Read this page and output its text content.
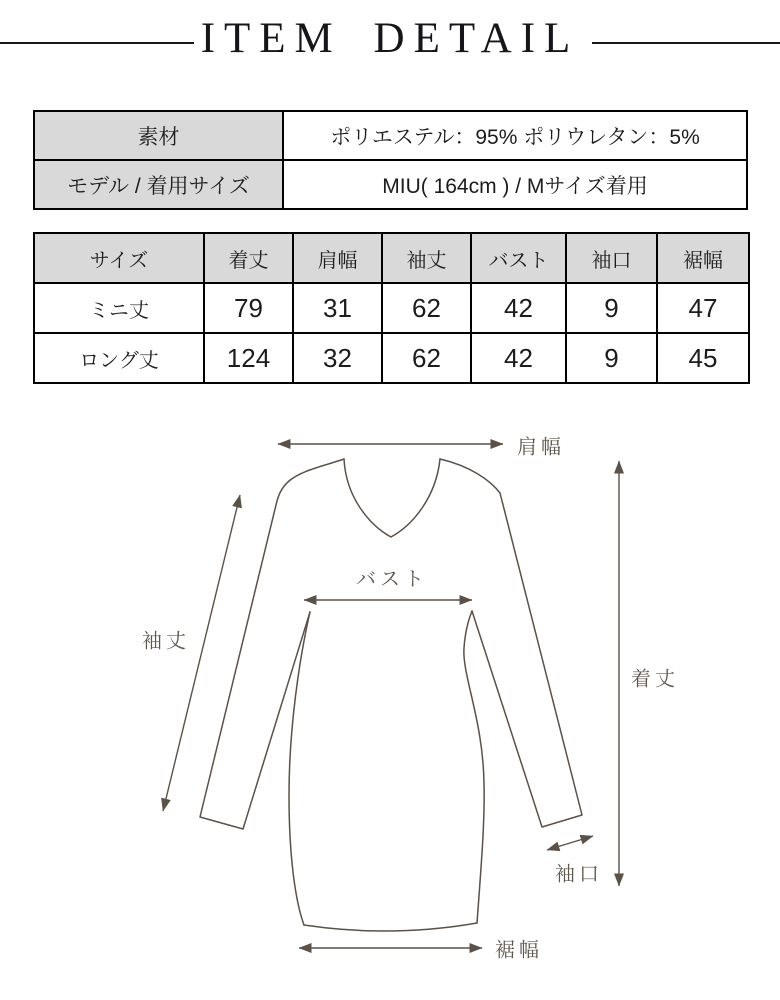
ITEM DETAIL
素材	ポリエステル：95% ポリウレタン：5%
モデル / 着用サイズ	MIU( 164cm ) / Mサイズ着用
サイズ	着丈	肩幅	袖丈	バスト	袖口	裾幅
ミニ丈	79	31	62	42	9	47
ロング丈	124	32	62	42	9	45
肩幅
バスト
袖丈
着丈
袖口
裾幅
